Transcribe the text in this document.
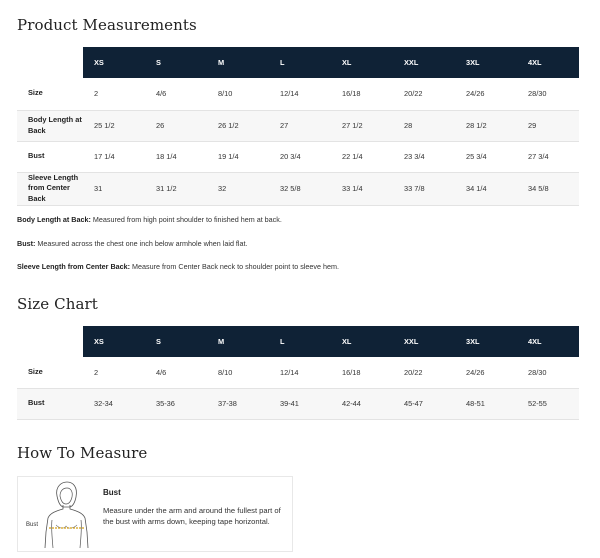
Product Measurements
	XS	S	M	L	XL	XXL	3XL	4XL
Size	2	4/6	8/10	12/14	16/18	20/22	24/26	28/30
Body Length at Back	25 1/2	26	26 1/2	27	27 1/2	28	28 1/2	29
Bust	17 1/4	18 1/4	19 1/4	20 3/4	22 1/4	23 3/4	25 3/4	27 3/4
Sleeve Length from Center Back	31	31 1/2	32	32 5/8	33 1/4	33 7/8	34 1/4	34 5/8

Body Length at Back: Measured from high point shoulder to finished hem at back.

Bust: Measured across the chest one inch below armhole when laid flat.

Sleeve Length from Center Back: Measure from Center Back neck to shoulder point to sleeve hem.

Size Chart
	XS	S	M	L	XL	XXL	3XL	4XL
Size	2	4/6	8/10	12/14	16/18	20/22	24/26	28/30
Bust	32-34	35-36	37-38	39-41	42-44	45-47	48-51	52-55
How To Measure
Bust
Bust

Measure under the arm and around the fullest part of the bust with arms down, keeping tape horizontal.
